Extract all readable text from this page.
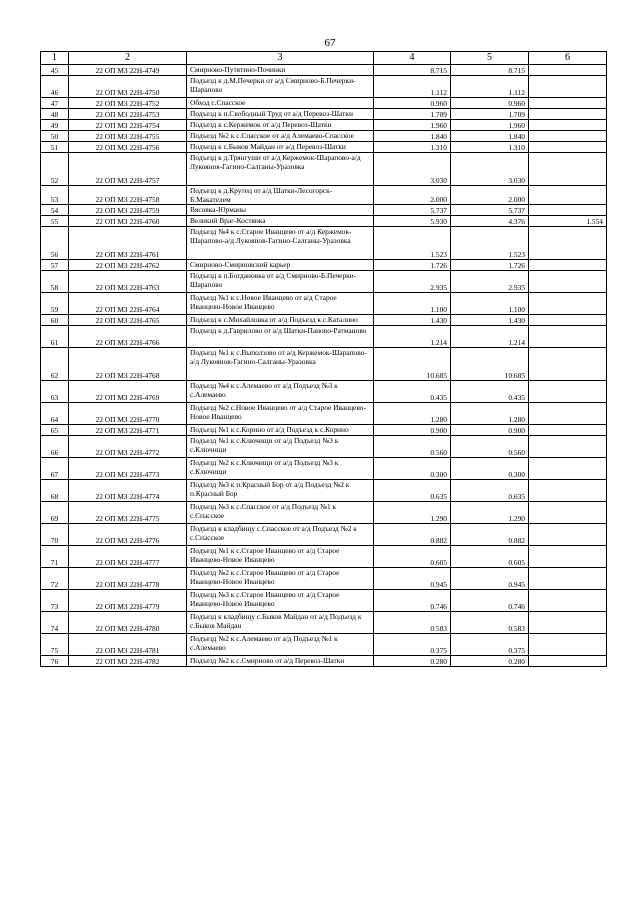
67
1	2	3	4	5	6
45	22 ОП МЗ 22Н-4749	Смирново-Путятино-Починки	8.715	8.715	
46	22 ОП МЗ 22Н-4750	Подъезд к д.М.Печерки от а/д Смирново-Б.Печерки-Шарапово	1.112	1.112	
47	22 ОП МЗ 22Н-4752	Обход с.Спасское	0.960	0.960	
48	22 ОП МЗ 22Н-4753	Подъезд к п.Свободный Труд от а/д Перевоз-Шатки	1.709	1.709	
49	22 ОП МЗ 22Н-4754	Подъезд к с.Кержемок от а/д Перевоз-Шатки	1.960	1.960	
50	22 ОП МЗ 22Н-4755	Подъезд №2 к с.Спасское от а/д Алемаево-Спасское	1.840	1.840	
51	22 ОП МЗ 22Н-4756	Подъезд к с.Быков Майдан от а/д Перевоз-Шатки	1.310	1.310	
52	22 ОП МЗ 22Н-4757	Подъезд к д.Трянгуши от а/д Кержемок-Шарапово-а/д Лукояноя-Гагино-Салганы-Уразовка	3.030	3.030	
53	22 ОП МЗ 22Н-4758	Подъезд к д.Крутец от а/д Шатки-Лесогорск-Б.Макателем	2.000	2.000	
54	22 ОП МЗ 22Н-4759	Вясовка-Юрманы	5.737	5.737	
55	22 ОП МЗ 22Н-4760	Великий Враг-Костянка	5.930	4.376	1.554
56	22 ОП МЗ 22Н-4761	Подъезд №4 к с.Старое Иванцево от а/д Кержемок-Шарапово-а/д Лукоянов-Гагино-Салганы-Уразовка	1.523	1.523	
57	22 ОП МЗ 22Н-4762	Смирново-Смирновский карьер	1.726	1.726	
58	22 ОП МЗ 22Н-4763	Подъезд к п.Богдановка от а/д Смирново-Б.Печерки-Шарапово	2.935	2.935	
59	22 ОП МЗ 22Н-4764	Подъезд №1 к с.Новое Иванцево от а/д Старое Иванцево-Новое Иванцево	1.100	1.100	
60	22 ОП МЗ 22Н-4765	Подъезд к с.Михайловка от а/д Подъезд к с.Каталино	1.430	1.430	
61	22 ОП МЗ 22Н-4766	Подъезд к д.Гаврилово от а/д Шатки-Паново-Ратманово	1.214	1.214	
62	22 ОП МЗ 22Н-4768	Подъезд №1 к с.Выползово от а/д Кержемок-Шарапово-а/д Лукоянов-Гагино-Салганы-Уразовка	10.685	10.685	
63	22 ОП МЗ 22Н-4769	Подъезд №4 к с.Алемаево от а/д Подъезд №3 к с.Алемаево	0.435	0.435	
64	22 ОП МЗ 22Н-4770	Подъезд №2 с.Новое Иванцево от а/д Старое Иванцево-Новое Иванцево	1.280	1.280	
65	22 ОП МЗ 22Н-4771	Подъезд №1 к с.Корино от а/д Подъезд к с.Корино	0.900	0.900	
66	22 ОП МЗ 22Н-4772	Подъезд №1 к с.Ключищи от а/д Подъезд №3 к с.Ключищи	0.560	0.560	
67	22 ОП МЗ 22Н-4773	Подъезд №2 к с.Ключищи от а/д Подъезд №3 к с.Ключищи	0.300	0.300	
68	22 ОП МЗ 22Н-4774	Подъезд №3 к п.Красный Бор от а/д Подъезд №2 к п.Красный Бор	0.635	0.635	
69	22 ОП МЗ 22Н-4775	Подъезд №3 к с.Спасское от а/д Подъезд №1 к с.Спасское	1.290	1.290	
70	22 ОП МЗ 22Н-4776	Подъезд к кладбищу с.Спасское от а/д Подъезд №2 к с.Спасское	0.882	0.882	
71	22 ОП МЗ 22Н-4777	Подъезд №1 к с.Старое Иванцево от а/д Старое Иванцево-Новое Иванцево	0.605	0.605	
72	22 ОП МЗ 22Н-4778	Подъезд №2 к с.Старое Иванцево от а/д Старое Иванцево-Новое Иванцево	0.945	0.945	
73	22 ОП МЗ 22Н-4779	Подъезд №3 к с.Старое Иванцево от а/д Старое Иванцево-Новое Иванцево	0.746	0.746	
74	22 ОП МЗ 22Н-4780	Подъезд к кладбищу с.Быков Майдан от а/д Подъезд к с.Быков Майдан	0.583	0.583	
75	22 ОП МЗ 22Н-4781	Подъезд №2 к с.Алемаево от а/д Подъезд №1 к с.Алемаево	0.375	0.375	
76	22 ОП МЗ 22Н-4782	Подъезд №2 к с.Смирново от а/д Перевоз-Шатки	0.280	0.280	
